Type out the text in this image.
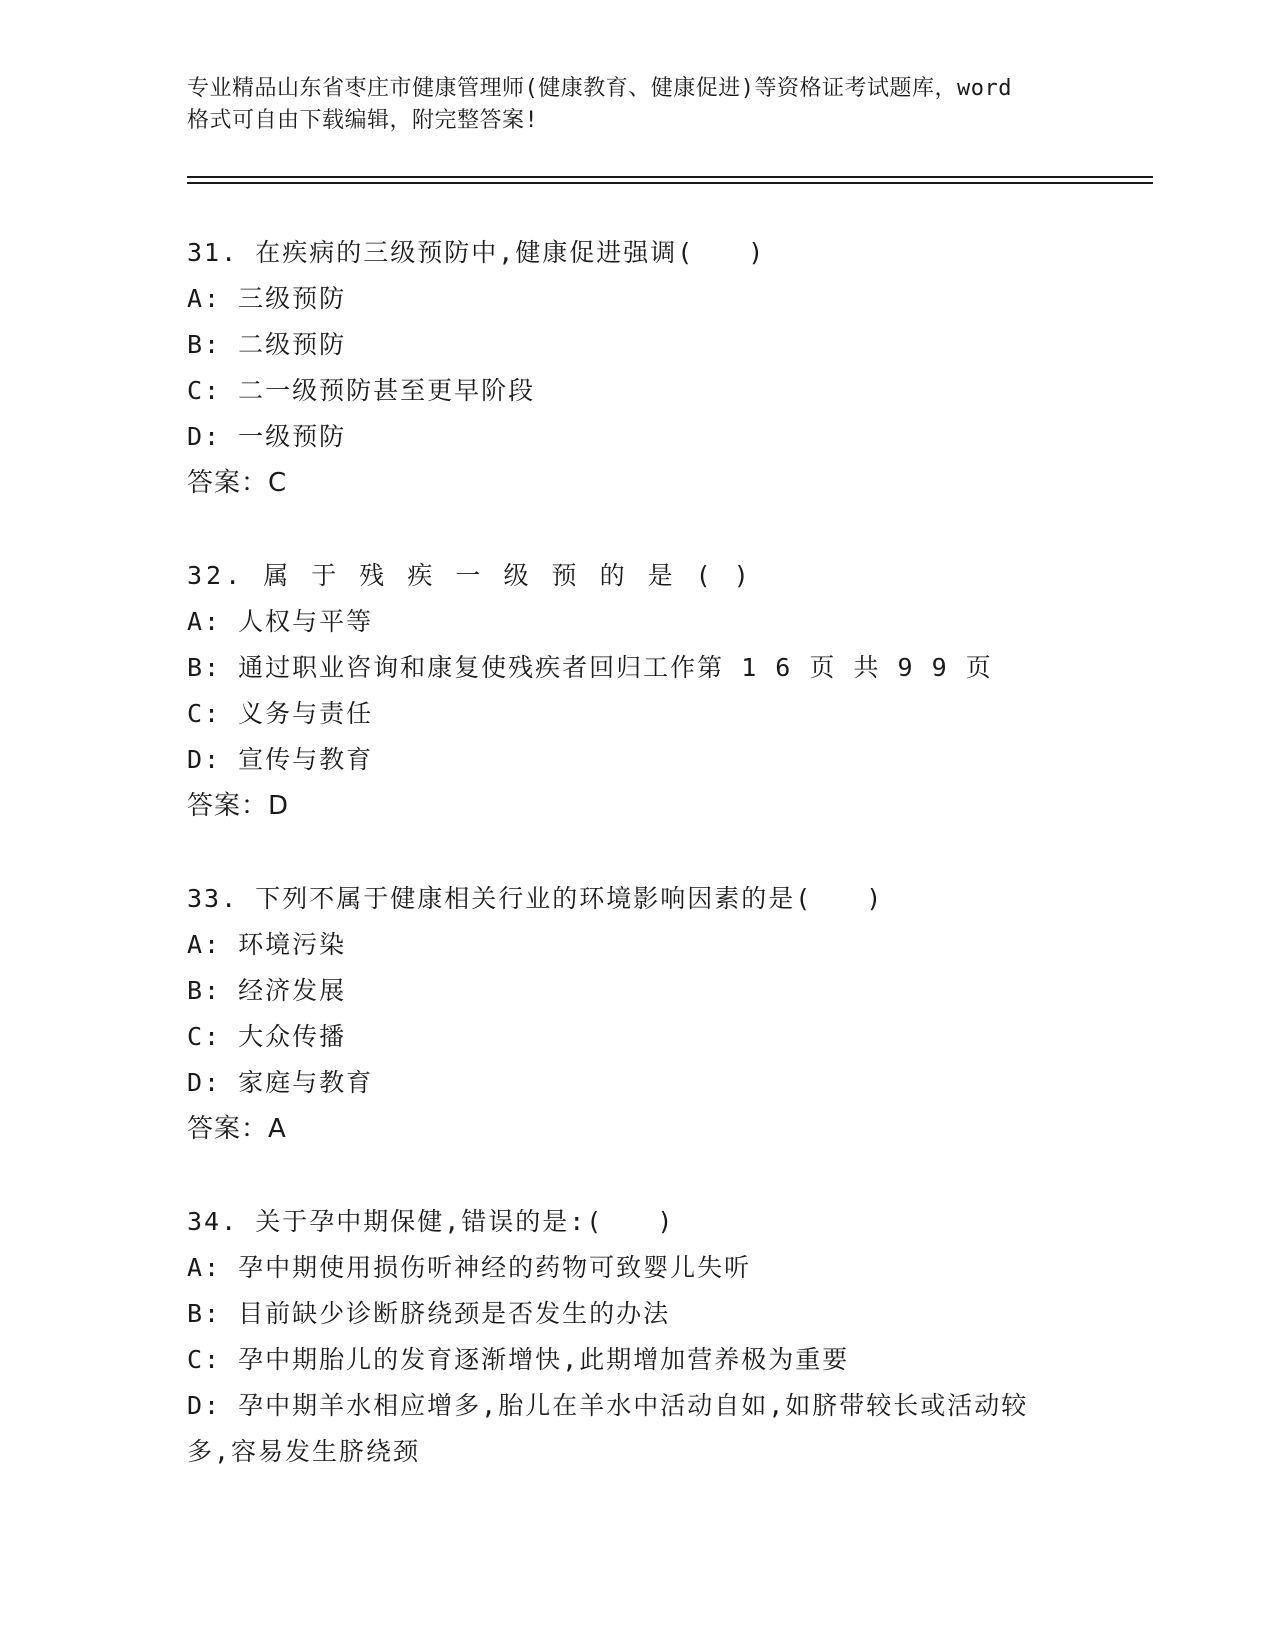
专业精品山东省枣庄市健康管理师(健康教育、健康促进)等资格证考试题库，word
格式可自由下载编辑，附完整答案!
31. 在疾病的三级预防中,健康促进强调(　　)
A: 三级预防
B: 二级预防
C: 二一级预防甚至更早阶段
D: 一级预防
答案：C
32. 属 于 残 疾 一 级 预 的 是 ( )
A: 人权与平等
B: 通过职业咨询和康复使残疾者回归工作第 1 6 页 共 9 9 页
C: 义务与责任
D: 宣传与教育
答案：D
33. 下列不属于健康相关行业的环境影响因素的是(　　)
A: 环境污染
B: 经济发展
C: 大众传播
D: 家庭与教育
答案：A
34. 关于孕中期保健,错误的是:(　　)
A: 孕中期使用损伤听神经的药物可致婴儿失听
B: 目前缺少诊断脐绕颈是否发生的办法
C: 孕中期胎儿的发育逐渐增快,此期增加营养极为重要
D: 孕中期羊水相应增多,胎儿在羊水中活动自如,如脐带较长或活动较
多,容易发生脐绕颈
